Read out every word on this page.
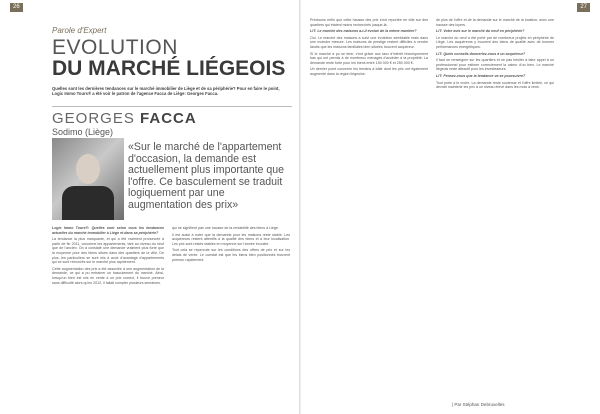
26	27
Parole d'Expert
EVOLUTION
DU MARCHÉ LIÉGEOIS
Quelles sont les dernières tendances sur le marché immobilier de Liège et de sa périphérie? Pour en faire le point, Logic Immo Tours® a été voir le patron de l'agence Facca de Liège: Georges Facca.
GEORGES FACCA
Sodimo (Liège)
«Sur le marché de l'appartement d'occasion, la demande est actuellement plus importante que l'offre. Ce basculement se traduit logiquement par une augmentation des prix»

Logic Immo Tours®: Quelles sont selon vous les tendances actuelles du marché immobilier à Liège et dans sa périphérie?

La tendance la plus marquante, et qui a été vraiment prononcée à partir de fin 2011, concerne les appartements, tant au niveau du neuf que de l'ancien. On a constaté une demande vraiment plus forte que la moyenne pour des biens situés dans des quartiers de la ville. De plus, les particuliers se sont mis à avoir d'avantage d'appartements qui se sont retrouvés sur le marché plus rapidement.

Cette augmentation des prix a été associée à une augmentation de la demande, ce qui a pu entrainer un basculement du marché. Ainsi, lorsqu'un bien est mis en vente à un prix correct, il trouve preneur sans difficulté alors qu'en 2012, il fallait compter plusieurs semaines.

qui ne signifient pas une hausse de la rentabilité des biens à Liège.

Il est aussi à noter que la demande pour les maisons reste stable. Les acquéreurs restent attentifs à la qualité des biens et à leur localisation. Les prix sont restés stables en moyenne sur l'année écoulée.

Tout cela se répercute sur les conditions des offres de prix et sur les délais de vente. Le constat est que les biens bien positionnés trouvent preneur rapidement.

Précisons enfin que cette hausse des prix s'est reportée en ville sur des quartiers qui étaient moins recherchés jusque-là.

LIT: Le marché des maisons a-t-il évolué de la même manière?

Oui. Le marché des maisons a suivi une évolution semblable mais dans une moindre mesure. Les maisons de prestige restent difficiles à vendre tandis que les maisons familiales bien situées trouvent acquéreur.

Si le marché a pu se tenir, c'est grâce aux taux d'intérêt historiquement bas qui ont permis à de nombreux ménages d'accéder à la propriété. La demande reste forte pour les biens entre 150 000 € et 250 000 €.

Un dernier point concerne les terrains à bâtir dont les prix ont également augmenté dans la région liégeoise.

de plus de l'offre et de la demande sur le marché de la location, avec une hausse des loyers.

LIT: Votre avis sur le marché du neuf en périphérie?

Le marché du neuf a été porté par de nombreux projets en périphérie de Liège. Les acquéreurs y trouvent des biens de qualité avec de bonnes performances énergétiques.

LIT: Quels conseils donneriez-vous à un acquéreur?

Il faut se renseigner sur les quartiers et ne pas hésiter à faire appel à un professionnel pour estimer correctement la valeur d'un bien. Le marché liégeois reste attractif pour les investisseurs.

LIT: Pensez-vous que la tendance va se poursuivre?

Tout porte à le croire. La demande reste soutenue et l'offre limitée, ce qui devrait maintenir les prix à un niveau élevé dans les mois à venir.

| Par Stéphan Debruxelles
